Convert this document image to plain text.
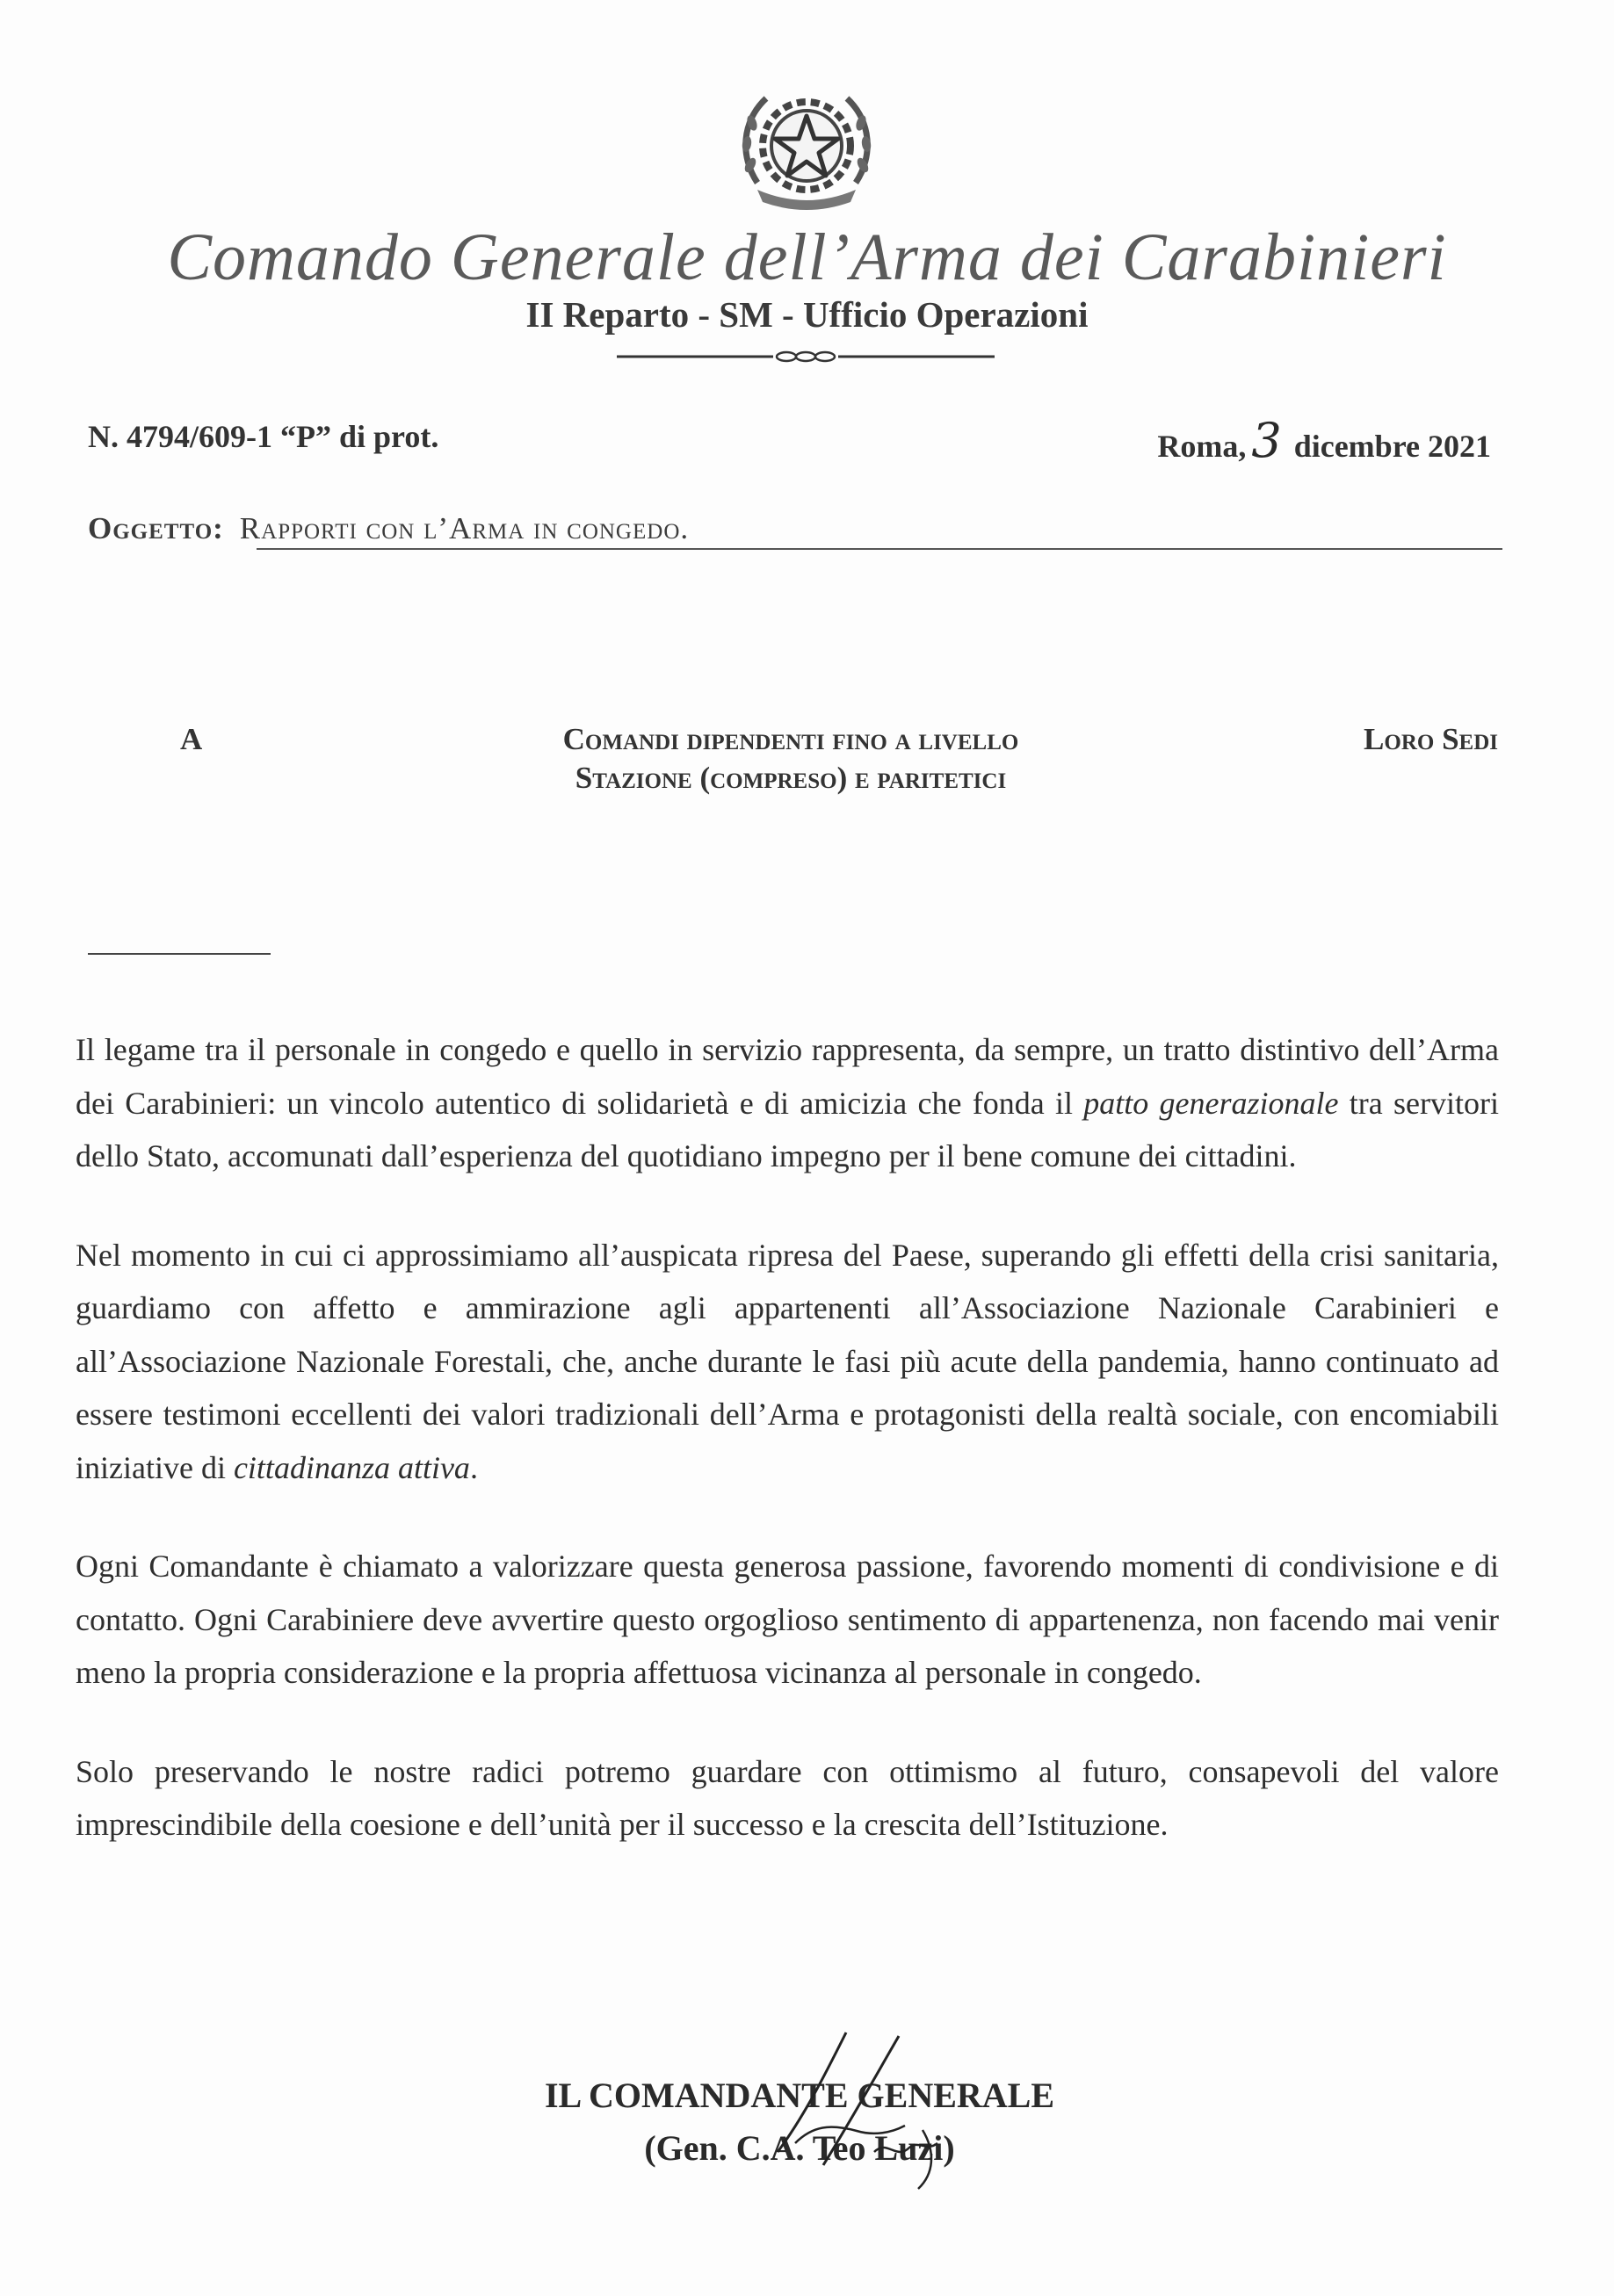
Comando Generale dell’Arma dei Carabinieri
II Reparto - SM - Ufficio Operazioni
N. 4794/609-1 “P” di prot.	Roma, 3 dicembre 2021
Oggetto: Rapporti con l’Arma in congedo.
A	Comandi dipendenti fino a livello
Stazione (compreso) e paritetici
Loro Sedi

Il legame tra il personale in congedo e quello in servizio rappresenta, da sempre, un tratto distintivo dell’Arma dei Carabinieri: un vincolo autentico di solidarietà e di amicizia che fonda il patto generazionale tra servitori dello Stato, accomunati dall’esperienza del quotidiano impegno per il bene comune dei cittadini.

Nel momento in cui ci approssimiamo all’auspicata ripresa del Paese, superando gli effetti della crisi sanitaria, guardiamo con affetto e ammirazione agli appartenenti all’Associazione Nazionale Carabinieri e all’Associazione Nazionale Forestali, che, anche durante le fasi più acute della pandemia, hanno continuato ad essere testimoni eccellenti dei valori tradizionali dell’Arma e protagonisti della realtà sociale, con encomiabili iniziative di cittadinanza attiva.

Ogni Comandante è chiamato a valorizzare questa generosa passione, favorendo momenti di condivisione e di contatto. Ogni Carabiniere deve avvertire questo orgoglioso sentimento di appartenenza, non facendo mai venir meno la propria considerazione e la propria affettuosa vicinanza al personale in congedo.

Solo preservando le nostre radici potremo guardare con ottimismo al futuro, consapevoli del valore imprescindibile della coesione e dell’unità per il successo e la crescita dell’Istituzione.

IL COMANDANTE GENERALE
(Gen. C.A. Teo Luzi)
